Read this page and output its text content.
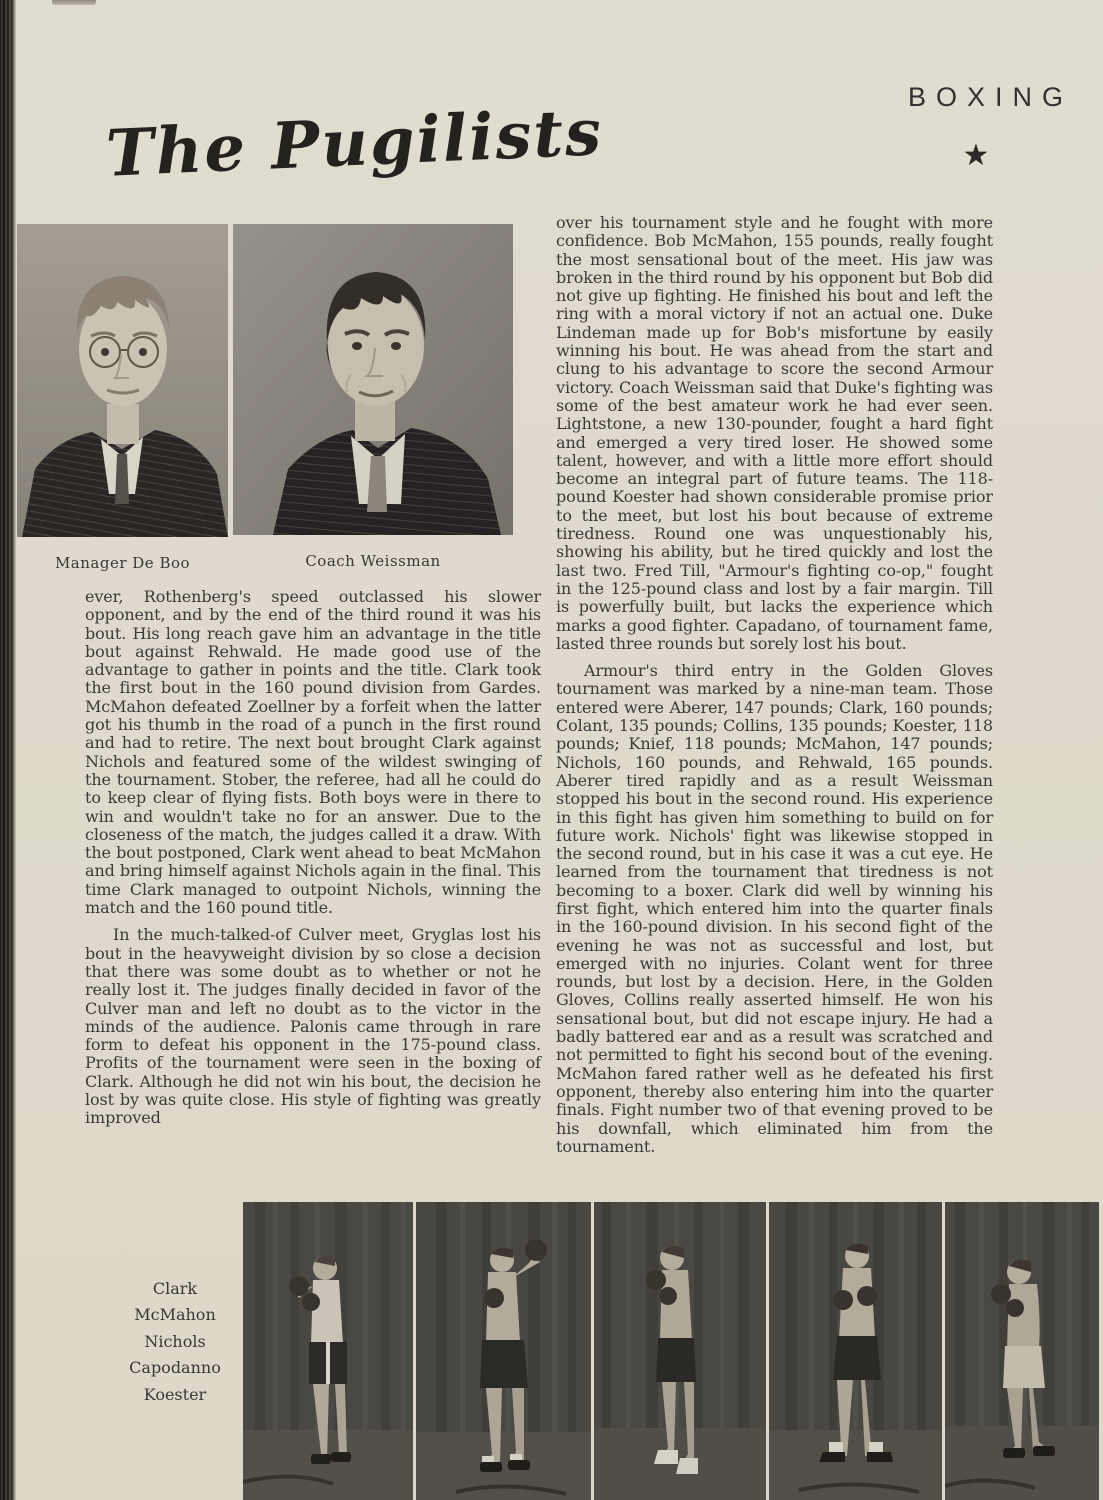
The Pugilists	BOXING
★
Manager De Boo	Coach Weissman

ever, Rothenberg's speed outclassed his slower opponent, and by the end of the third round it was his bout. His long reach gave him an advantage in the title bout against Rehwald. He made good use of the advantage to gather in points and the title. Clark took the first bout in the 160 pound division from Gardes. McMahon defeated Zoellner by a forfeit when the latter got his thumb in the road of a punch in the first round and had to retire. The next bout brought Clark against Nichols and featured some of the wildest swinging of the tournament. Stober, the referee, had all he could do to keep clear of flying fists. Both boys were in there to win and wouldn't take no for an answer. Due to the closeness of the match, the judges called it a draw. With the bout postponed, Clark went ahead to beat McMahon and bring himself against Nichols again in the final. This time Clark managed to outpoint Nichols, winning the match and the 160 pound title.

In the much-talked-of Culver meet, Gryglas lost his bout in the heavyweight division by so close a decision that there was some doubt as to whether or not he really lost it. The judges finally decided in favor of the Culver man and left no doubt as to the victor in the minds of the audience. Palonis came through in rare form to defeat his opponent in the 175-pound class. Profits of the tournament were seen in the boxing of Clark. Although he did not win his bout, the decision he lost by was quite close. His style of fighting was greatly improved

over his tournament style and he fought with more confidence. Bob McMahon, 155 pounds, really fought the most sensational bout of the meet. His jaw was broken in the third round by his opponent but Bob did not give up fighting. He finished his bout and left the ring with a moral victory if not an actual one. Duke Lindeman made up for Bob's misfortune by easily winning his bout. He was ahead from the start and clung to his advantage to score the second Armour victory. Coach Weissman said that Duke's fighting was some of the best amateur work he had ever seen. Lightstone, a new 130-pounder, fought a hard fight and emerged a very tired loser. He showed some talent, however, and with a little more effort should become an integral part of future teams. The 118-pound Koester had shown considerable promise prior to the meet, but lost his bout because of extreme tiredness. Round one was unquestionably his, showing his ability, but he tired quickly and lost the last two. Fred Till, "Armour's fighting co-op," fought in the 125-pound class and lost by a fair margin. Till is powerfully built, but lacks the experience which marks a good fighter. Capadano, of tournament fame, lasted three rounds but sorely lost his bout.

Armour's third entry in the Golden Gloves tournament was marked by a nine-man team. Those entered were Aberer, 147 pounds; Clark, 160 pounds; Colant, 135 pounds; Collins, 135 pounds; Koester, 118 pounds; Knief, 118 pounds; McMahon, 147 pounds; Nichols, 160 pounds, and Rehwald, 165 pounds. Aberer tired rapidly and as a result Weissman stopped his bout in the second round. His experience in this fight has given him something to build on for future work. Nichols' fight was likewise stopped in the second round, but in his case it was a cut eye. He learned from the tournament that tiredness is not becoming to a boxer. Clark did well by winning his first fight, which entered him into the quarter finals in the 160-pound division. In his second fight of the evening he was not as successful and lost, but emerged with no injuries. Colant went for three rounds, but lost by a decision. Here, in the Golden Gloves, Collins really asserted himself. He won his sensational bout, but did not escape injury. He had a badly battered ear and as a result was scratched and not permitted to fight his second bout of the evening. McMahon fared rather well as he defeated his first opponent, thereby also entering him into the quarter finals. Fight number two of that evening proved to be his downfall, which eliminated him from the tournament.

Clark
McMahon
Nichols
Capodanno
Koester
